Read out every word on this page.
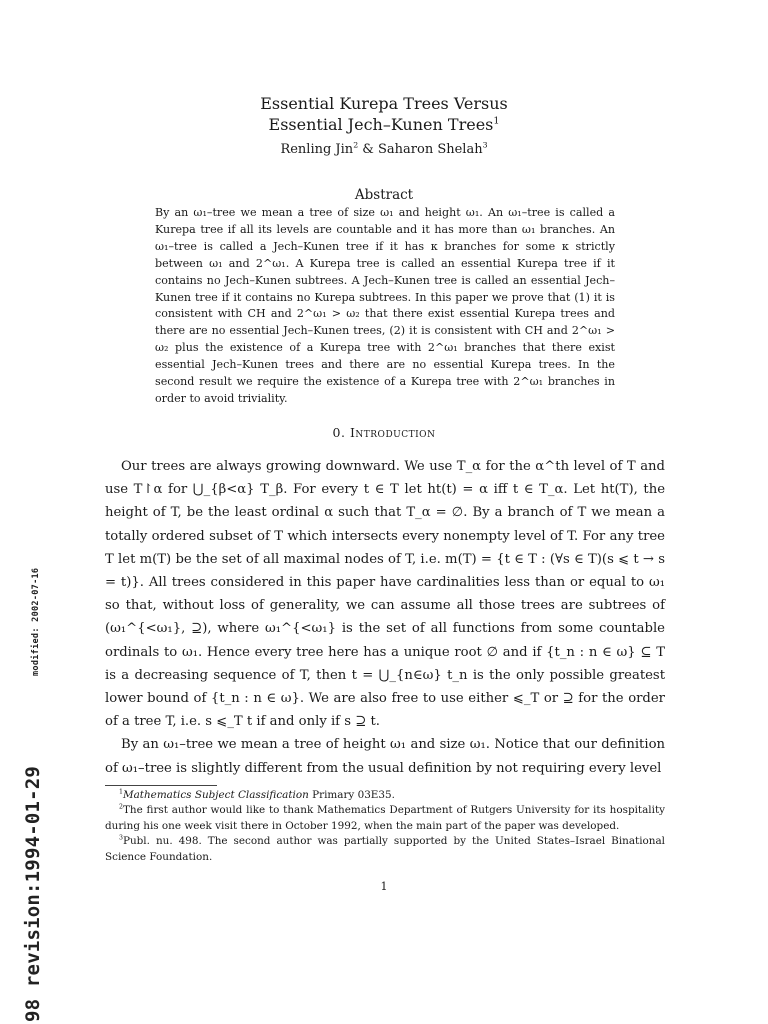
modified: 2002-07-16
98 revision:1994-01-29
Essential Kurepa Trees Versus
Essential Jech–Kunen Trees$^1$
Renling Jin$^2$ & Saharon Shelah$^3$
Abstract
By an ω₁–tree we mean a tree of size ω₁ and height ω₁. An ω₁–tree is called a Kurepa tree if all its levels are countable and it has more than ω₁ branches. An ω₁–tree is called a Jech–Kunen tree if it has κ branches for some κ strictly between ω₁ and 2^ω₁. A Kurepa tree is called an essential Kurepa tree if it contains no Jech–Kunen subtrees. A Jech–Kunen tree is called an essential Jech–Kunen tree if it contains no Kurepa subtrees. In this paper we prove that (1) it is consistent with CH and 2^ω₁ > ω₂ that there exist essential Kurepa trees and there are no essential Jech–Kunen trees, (2) it is consistent with CH and 2^ω₁ > ω₂ plus the existence of a Kurepa tree with 2^ω₁ branches that there exist essential Jech–Kunen trees and there are no essential Kurepa trees. In the second result we require the existence of a Kurepa tree with 2^ω₁ branches in order to avoid triviality.
0. Introduction

Our trees are always growing downward. We use T_α for the α^th level of T and use T↾α for ⋃_{β<α} T_β. For every t ∈ T let ht(t) = α iff t ∈ T_α. Let ht(T), the height of T, be the least ordinal α such that T_α = ∅. By a branch of T we mean a totally ordered subset of T which intersects every nonempty level of T. For any tree T let m(T) be the set of all maximal nodes of T, i.e. m(T) = {t ∈ T : (∀s ∈ T)(s ⩽ t → s = t)}. All trees considered in this paper have cardinalities less than or equal to ω₁ so that, without loss of generality, we can assume all those trees are subtrees of (ω₁^{<ω₁}, ⊇), where ω₁^{<ω₁} is the set of all functions from some countable ordinals to ω₁. Hence every tree here has a unique root ∅ and if {t_n : n ∈ ω} ⊆ T is a decreasing sequence of T, then t = ⋃_{n∈ω} t_n is the only possible greatest lower bound of {t_n : n ∈ ω}. We are also free to use either ⩽_T or ⊇ for the order of a tree T, i.e. s ⩽_T t if and only if s ⊇ t.

By an ω₁–tree we mean a tree of height ω₁ and size ω₁. Notice that our definition of ω₁–tree is slightly different from the usual definition by not requiring every level

$^1$Mathematics Subject Classification Primary 03E35.

$^2$The first author would like to thank Mathematics Department of Rutgers University for its hospitality during his one week visit there in October 1992, when the main part of the paper was developed.

$^3$Publ. nu. 498. The second author was partially supported by the United States–Israel Binational Science Foundation.

1
